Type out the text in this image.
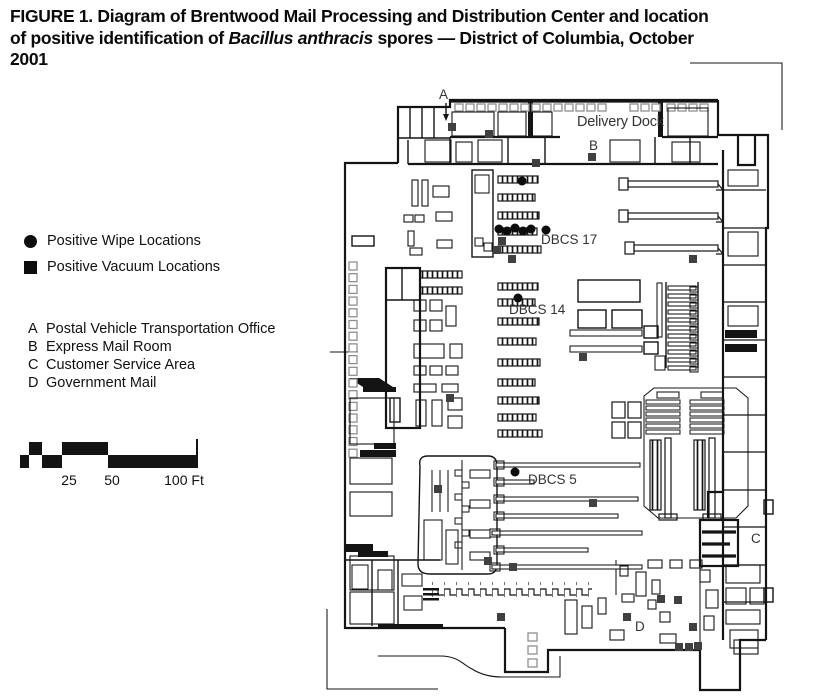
FIGURE 1. Diagram of Brentwood Mail Processing and Distribution Center and location
of positive identification of Bacillus anthracis spores — District of Columbia, October
2001
Positive Wipe Locations
Positive Vacuum Locations
A Postal Vehicle Transportation Office
B Express Mail Room
C Customer Service Area
D Government Mail
25 50	100 Ft
A
B
C
D
Delivery Dock
DBCS 17
DBCS 14
DBCS 5
